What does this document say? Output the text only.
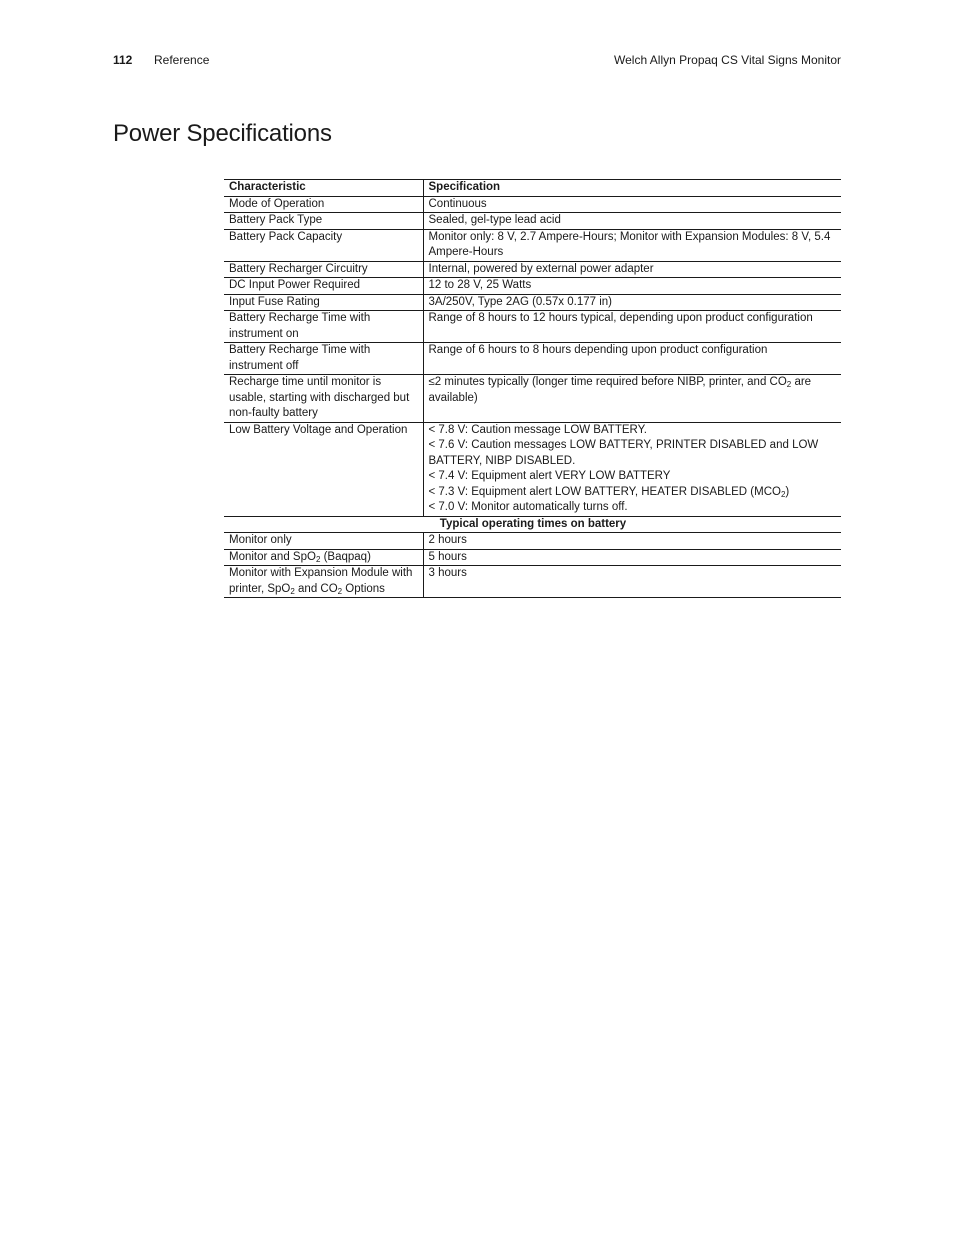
112 Reference	Welch Allyn Propaq CS Vital Signs Monitor
Power Specifications
Characteristic	Specification
Mode of Operation	Continuous

Battery Pack Type	Sealed, gel-type lead acid

Battery Pack Capacity	Monitor only: 8 V, 2.7 Ampere-Hours; Monitor with Expansion Modules: 8 V, 5.4 Ampere-Hours

Battery Recharger Circuitry	Internal, powered by external power adapter

DC Input Power Required	12 to 28 V, 25 Watts

Input Fuse Rating	3A/250V, Type 2AG (0.57x 0.177 in)

Battery Recharge Time with instrument on	Range of 8 hours to 12 hours typical, depending upon product configuration

Battery Recharge Time with instrument off	Range of 6 hours to 8 hours depending upon product configuration

Recharge time until monitor is usable, starting with discharged but non-faulty battery	≤2 minutes typically (longer time required before NIBP, printer, and $CO_2$ are available)

Low Battery Voltage and Operation	< 7.8 V: Caution message LOW BATTERY.
< 7.6 V: Caution messages LOW BATTERY, PRINTER DISABLED and LOW BATTERY, NIBP DISABLED.
< 7.4 V: Equipment alert VERY LOW BATTERY
< 7.3 V: Equipment alert LOW BATTERY, HEATER DISABLED $(MCO_2)$
< 7.0 V: Monitor automatically turns off.

Typical operating times on battery	
Monitor only	2 hours
Monitor and SpO$_2$ (Baqpaq)	5 hours
Monitor with Expansion Module with printer, SpO$_2$ and $CO_2$ Options	3 hours
